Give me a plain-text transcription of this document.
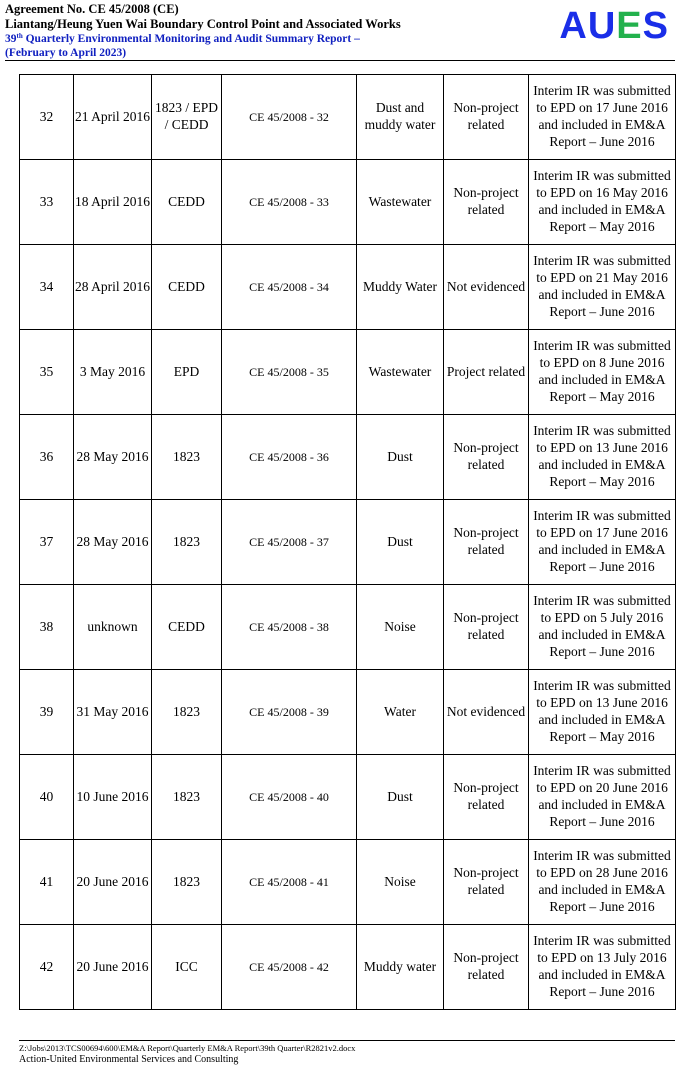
Agreement No. CE 45/2008 (CE)
Liantang/Heung Yuen Wai Boundary Control Point and Associated Works
39th Quarterly Environmental Monitoring and Audit Summary Report –
(February to April 2023)
AUES
32	21 April 2016	1823 / EPD / CEDD	CE 45/2008 - 32	Dust and muddy water	Non-project related	Interim IR was submitted to EPD on 17 June 2016 and included in EM&A Report – June 2016
33	18 April 2016	CEDD	CE 45/2008 - 33	Wastewater	Non-project related	Interim IR was submitted to EPD on 16 May 2016 and included in EM&A Report – May 2016
34	28 April 2016	CEDD	CE 45/2008 - 34	Muddy Water	Not evidenced	Interim IR was submitted to EPD on 21 May 2016 and included in EM&A Report – June 2016
35	3 May 2016	EPD	CE 45/2008 - 35	Wastewater	Project related	Interim IR was submitted to EPD on 8 June 2016 and included in EM&A Report – May 2016
36	28 May 2016	1823	CE 45/2008 - 36	Dust	Non-project related	Interim IR was submitted to EPD on 13 June 2016 and included in EM&A Report – May 2016
37	28 May 2016	1823	CE 45/2008 - 37	Dust	Non-project related	Interim IR was submitted to EPD on 17 June 2016 and included in EM&A Report – June 2016
38	unknown	CEDD	CE 45/2008 - 38	Noise	Non-project related	Interim IR was submitted to EPD on 5 July 2016 and included in EM&A Report – June 2016
39	31 May 2016	1823	CE 45/2008 - 39	Water	Not evidenced	Interim IR was submitted to EPD on 13 June 2016 and included in EM&A Report – May 2016
40	10 June 2016	1823	CE 45/2008 - 40	Dust	Non-project related	Interim IR was submitted to EPD on 20 June 2016 and included in EM&A Report – June 2016
41	20 June 2016	1823	CE 45/2008 - 41	Noise	Non-project related	Interim IR was submitted to EPD on 28 June 2016 and included in EM&A Report – June 2016
42	20 June 2016	ICC	CE 45/2008 - 42	Muddy water	Non-project related	Interim IR was submitted to EPD on 13 July 2016 and included in EM&A Report – June 2016
Z:\Jobs\2013\TCS00694\600\EM&A Report\Quarterly EM&A Report\39th Quarter\R2821v2.docx
Action-United Environmental Services and Consulting
